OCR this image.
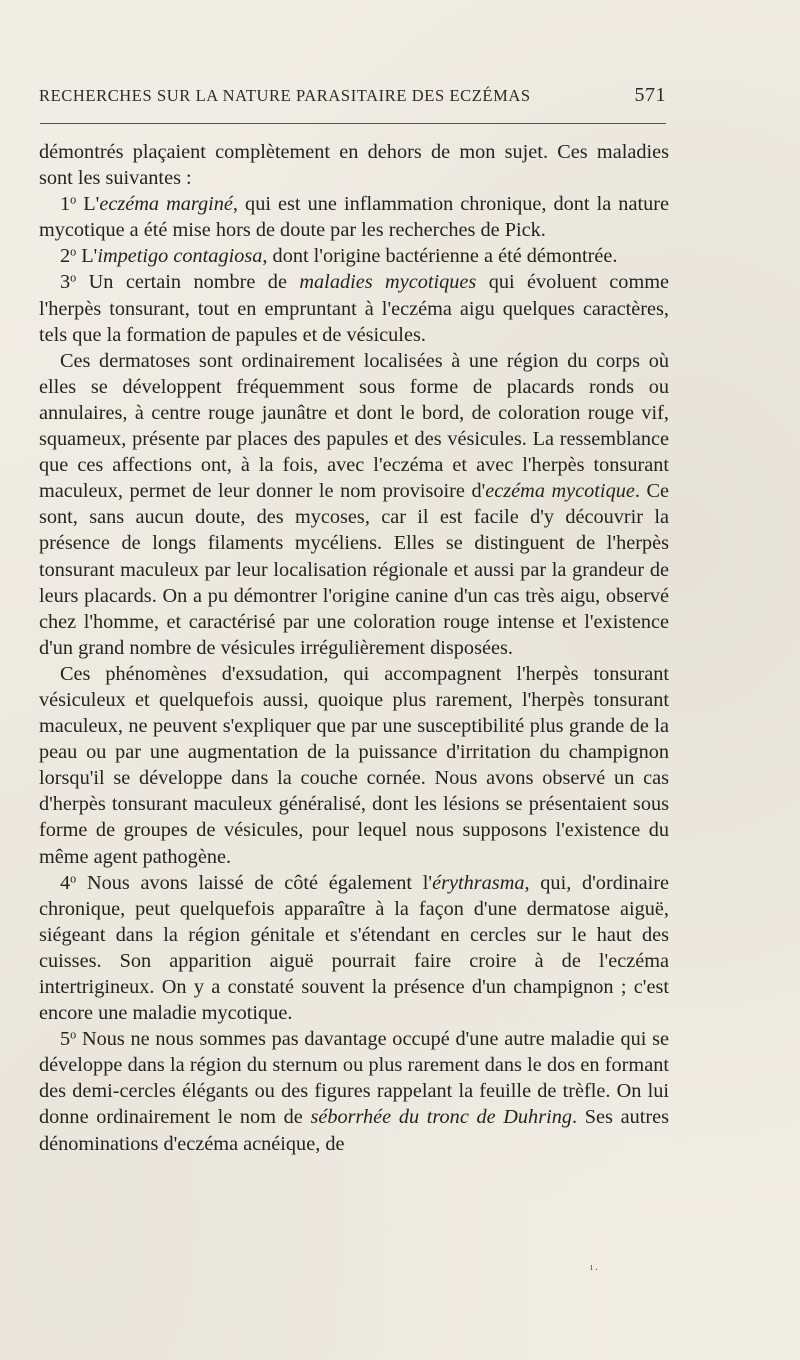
RECHERCHES SUR LA NATURE PARASITAIRE DES ECZÉMAS	571

démontrés plaçaient complètement en dehors de mon sujet. Ces maladies sont les suivantes :

1$^o$ L'eczéma marginé, qui est une inflammation chronique, dont la nature mycotique a été mise hors de doute par les recherches de Pick.

2$^o$ L'impetigo contagiosa, dont l'origine bactérienne a été démontrée.

3$^o$ Un certain nombre de maladies mycotiques qui évoluent comme l'herpès tonsurant, tout en empruntant à l'eczéma aigu quelques caractères, tels que la formation de papules et de vésicules.

Ces dermatoses sont ordinairement localisées à une région du corps où elles se développent fréquemment sous forme de placards ronds ou annulaires, à centre rouge jaunâtre et dont le bord, de coloration rouge vif, squameux, présente par places des papules et des vésicules. La ressemblance que ces affections ont, à la fois, avec l'eczéma et avec l'herpès tonsurant maculeux, permet de leur donner le nom provisoire d'eczéma mycotique. Ce sont, sans aucun doute, des mycoses, car il est facile d'y découvrir la présence de longs filaments mycéliens. Elles se distinguent de l'herpès tonsurant maculeux par leur localisation régionale et aussi par la grandeur de leurs placards. On a pu démontrer l'origine canine d'un cas très aigu, observé chez l'homme, et caractérisé par une coloration rouge intense et l'existence d'un grand nombre de vésicules irrégulièrement disposées.

Ces phénomènes d'exsudation, qui accompagnent l'herpès tonsurant vésiculeux et quelquefois aussi, quoique plus rarement, l'herpès tonsurant maculeux, ne peuvent s'expliquer que par une susceptibilité plus grande de la peau ou par une augmentation de la puissance d'irritation du champignon lorsqu'il se développe dans la couche cornée. Nous avons observé un cas d'herpès tonsurant maculeux généralisé, dont les lésions se présentaient sous forme de groupes de vésicules, pour lequel nous supposons l'existence du même agent pathogène.

4$^o$ Nous avons laissé de côté également l'érythrasma, qui, d'ordinaire chronique, peut quelquefois apparaître à la façon d'une dermatose aiguë, siégeant dans la région génitale et s'étendant en cercles sur le haut des cuisses. Son apparition aiguë pourrait faire croire à de l'eczéma intertrigineux. On y a constaté souvent la présence d'un champignon ; c'est encore une maladie mycotique.

5$^o$ Nous ne nous sommes pas davantage occupé d'une autre maladie qui se développe dans la région du sternum ou plus rarement dans le dos en formant des demi-cercles élégants ou des figures rappelant la feuille de trèfle. On lui donne ordinairement le nom de séborrhée du tronc de Duhring. Ses autres dénominations d'eczéma acnéique, de

ı .
